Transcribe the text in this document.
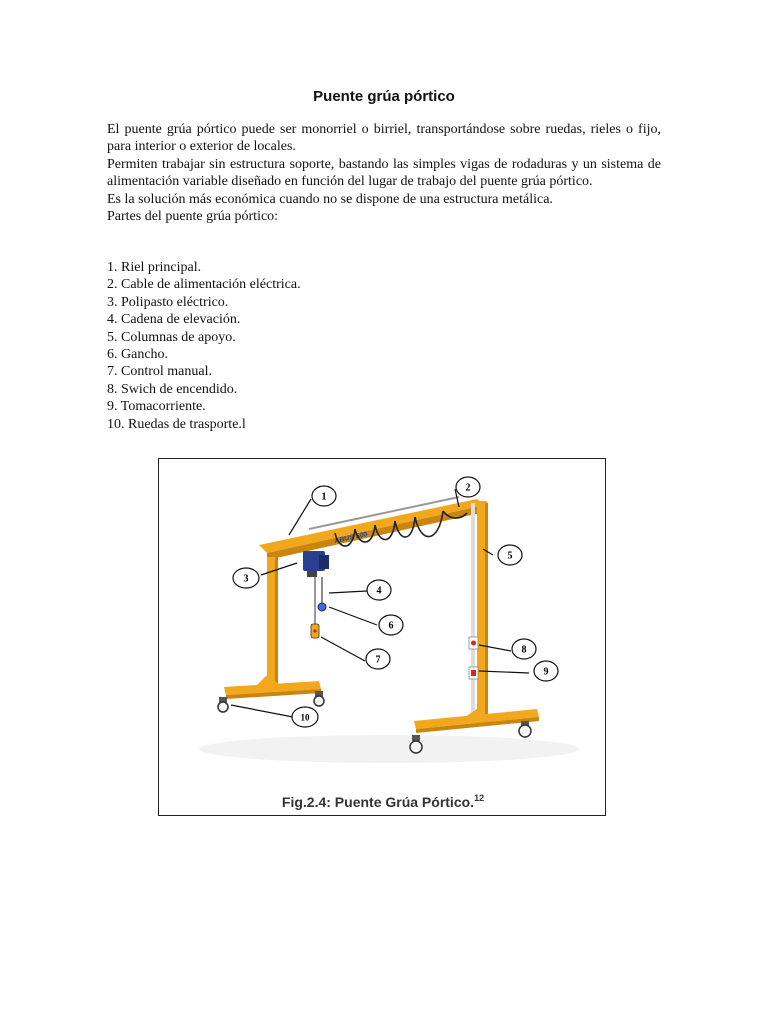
Puente grúa pórtico

El puente grúa pórtico puede ser monorriel o birriel, transportándose sobre ruedas, rieles o fijo, para interior o exterior de locales.

Permiten trabajar sin estructura soporte, bastando las simples vigas de rodaduras y un sistema de alimentación variable diseñado en función del lugar de trabajo del puente grúa pórtico.

Es la solución más económica cuando no se dispone de una estructura metálica.

Partes del puente grúa pórtico:

1. Riel principal.
2. Cable de alimentación eléctrica.
3. Polipasto eléctrico.
4. Cadena de elevación.
5. Columnas de apoyo.
6. Gancho.
7. Control manual.
8. Swich de encendido.
9. Tomacorriente.
10. Ruedas de trasporte.l
ABUS 500
1
2
3
4
5
6
7
8
9
10
Fig.2.4: Puente Grúa Pórtico.$^{12}$
